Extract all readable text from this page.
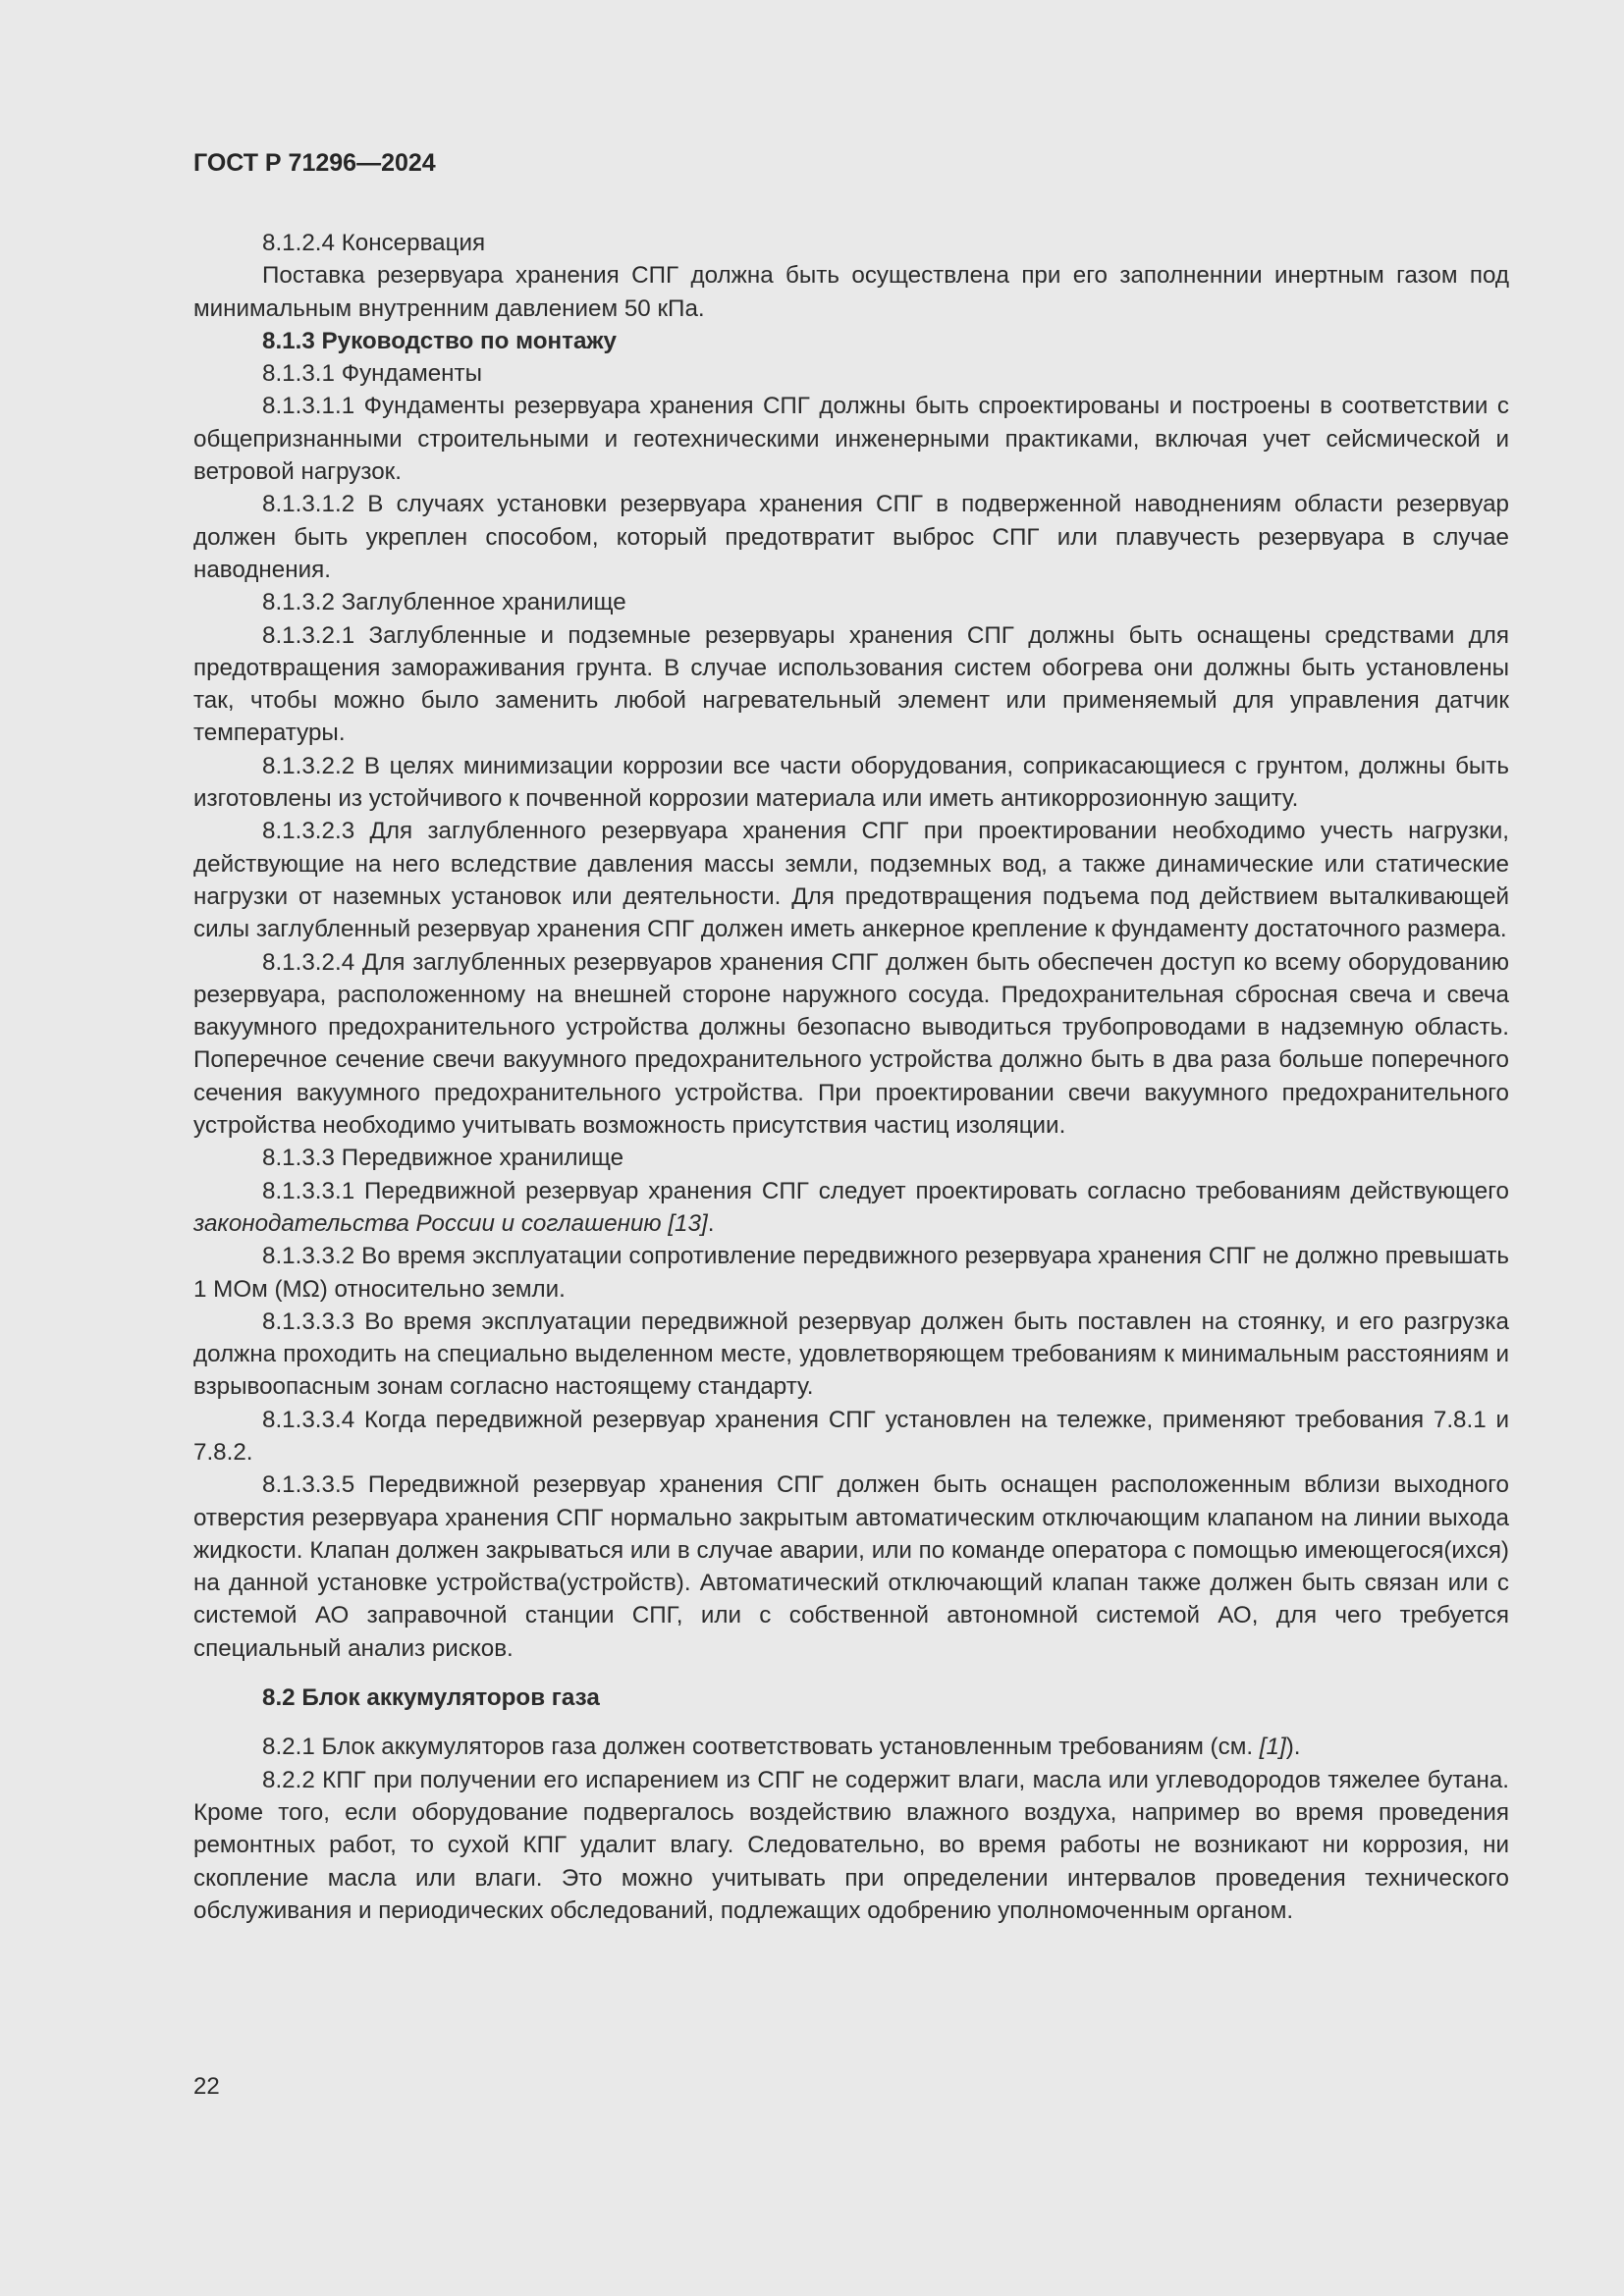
ГОСТ Р 71296—2024

8.1.2.4 Консервация

Поставка резервуара хранения СПГ должна быть осуществлена при его заполненнии инертным газом под минимальным внутренним давлением 50 кПа.

8.1.3 Руководство по монтажу

8.1.3.1 Фундаменты

8.1.3.1.1 Фундаменты резервуара хранения СПГ должны быть спроектированы и построены в соответствии с общепризнанными строительными и геотехническими инженерными практиками, включая учет сейсмической и ветровой нагрузок.

8.1.3.1.2 В случаях установки резервуара хранения СПГ в подверженной наводнениям области резервуар должен быть укреплен способом, который предотвратит выброс СПГ или плавучесть резервуара в случае наводнения.

8.1.3.2 Заглубленное хранилище

8.1.3.2.1 Заглубленные и подземные резервуары хранения СПГ должны быть оснащены средствами для предотвращения замораживания грунта. В случае использования систем обогрева они должны быть установлены так, чтобы можно было заменить любой нагревательный элемент или применяемый для управления датчик температуры.

8.1.3.2.2 В целях минимизации коррозии все части оборудования, соприкасающиеся с грунтом, должны быть изготовлены из устойчивого к почвенной коррозии материала или иметь антикоррозионную защиту.

8.1.3.2.3 Для заглубленного резервуара хранения СПГ при проектировании необходимо учесть нагрузки, действующие на него вследствие давления массы земли, подземных вод, а также динамические или статические нагрузки от наземных установок или деятельности. Для предотвращения подъема под действием выталкивающей силы заглубленный резервуар хранения СПГ должен иметь анкерное крепление к фундаменту достаточного размера.

8.1.3.2.4 Для заглубленных резервуаров хранения СПГ должен быть обеспечен доступ ко всему оборудованию резервуара, расположенному на внешней стороне наружного сосуда. Предохранительная сбросная свеча и свеча вакуумного предохранительного устройства должны безопасно выводиться трубопроводами в надземную область. Поперечное сечение свечи вакуумного предохранительного устройства должно быть в два раза больше поперечного сечения вакуумного предохранительного устройства. При проектировании свечи вакуумного предохранительного устройства необходимо учитывать возможность присутствия частиц изоляции.

8.1.3.3 Передвижное хранилище

8.1.3.3.1 Передвижной резервуар хранения СПГ следует проектировать согласно требованиям действующего законодательства России и соглашению [13].

8.1.3.3.2 Во время эксплуатации сопротивление передвижного резервуара хранения СПГ не должно превышать 1 МОм (MΩ) относительно земли.

8.1.3.3.3 Во время эксплуатации передвижной резервуар должен быть поставлен на стоянку, и его разгрузка должна проходить на специально выделенном месте, удовлетворяющем требованиям к минимальным расстояниям и взрывоопасным зонам согласно настоящему стандарту.

8.1.3.3.4 Когда передвижной резервуар хранения СПГ установлен на тележке, применяют требования 7.8.1 и 7.8.2.

8.1.3.3.5 Передвижной резервуар хранения СПГ должен быть оснащен расположенным вблизи выходного отверстия резервуара хранения СПГ нормально закрытым автоматическим отключающим клапаном на линии выхода жидкости. Клапан должен закрываться или в случае аварии, или по команде оператора с помощью имеющегося(ихся) на данной установке устройства(устройств). Автоматический отключающий клапан также должен быть связан или с системой АО заправочной станции СПГ, или с собственной автономной системой АО, для чего требуется специальный анализ рисков.

8.2 Блок аккумуляторов газа

8.2.1 Блок аккумуляторов газа должен соответствовать установленным требованиям (см. [1]).

8.2.2 КПГ при получении его испарением из СПГ не содержит влаги, масла или углеводородов тяжелее бутана. Кроме того, если оборудование подвергалось воздействию влажного воздуха, например во время проведения ремонтных работ, то сухой КПГ удалит влагу. Следовательно, во время работы не возникают ни коррозия, ни скопление масла или влаги. Это можно учитывать при определении интервалов проведения технического обслуживания и периодических обследований, подлежащих одобрению уполномоченным органом.

22
